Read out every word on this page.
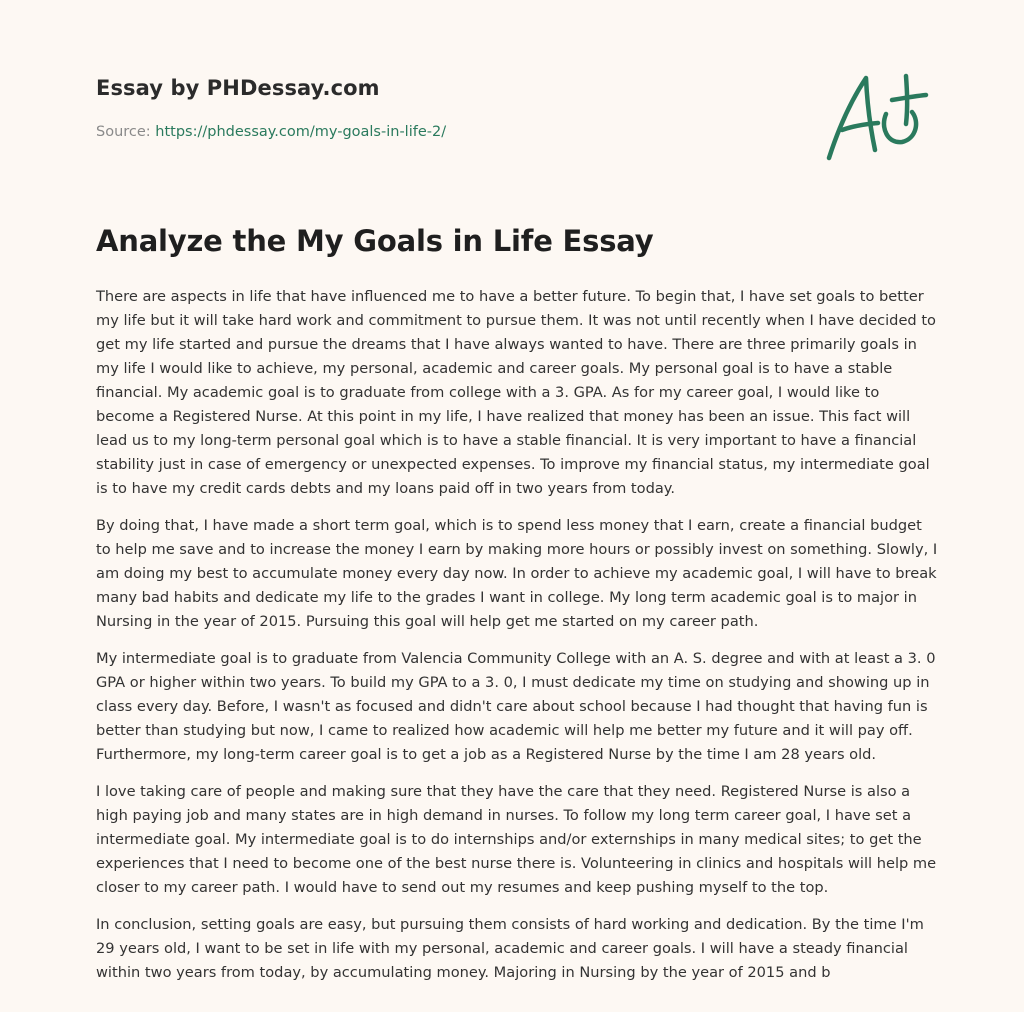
Essay by PHDessay.com

Source: https://phdessay.com/my-goals-in-life-2/

Analyze the My Goals in Life Essay

There are aspects in life that have influenced me to have a better future. To begin that, I have set goals to better my life but it will take hard work and commitment to pursue them. It was not until recently when I have decided to get my life started and pursue the dreams that I have always wanted to have. There are three primarily goals in my life I would like to achieve, my personal, academic and career goals. My personal goal is to have a stable financial. My academic goal is to graduate from college with a 3. GPA. As for my career goal, I would like to become a Registered Nurse. At this point in my life, I have realized that money has been an issue. This fact will lead us to my long-term personal goal which is to have a stable financial. It is very important to have a financial stability just in case of emergency or unexpected expenses. To improve my financial status, my intermediate goal is to have my credit cards debts and my loans paid off in two years from today.

By doing that, I have made a short term goal, which is to spend less money that I earn, create a financial budget to help me save and to increase the money I earn by making more hours or possibly invest on something. Slowly, I am doing my best to accumulate money every day now. In order to achieve my academic goal, I will have to break many bad habits and dedicate my life to the grades I want in college. My long term academic goal is to major in Nursing in the year of 2015. Pursuing this goal will help get me started on my career path.

My intermediate goal is to graduate from Valencia Community College with an A. S. degree and with at least a 3. 0 GPA or higher within two years. To build my GPA to a 3. 0, I must dedicate my time on studying and showing up in class every day. Before, I wasn't as focused and didn't care about school because I had thought that having fun is better than studying but now, I came to realized how academic will help me better my future and it will pay off. Furthermore, my long-term career goal is to get a job as a Registered Nurse by the time I am 28 years old.

I love taking care of people and making sure that they have the care that they need. Registered Nurse is also a high paying job and many states are in high demand in nurses. To follow my long term career goal, I have set a intermediate goal. My intermediate goal is to do internships and/or externships in many medical sites; to get the experiences that I need to become one of the best nurse there is. Volunteering in clinics and hospitals will help me closer to my career path. I would have to send out my resumes and keep pushing myself to the top.

In conclusion, setting goals are easy, but pursuing them consists of hard working and dedication. By the time I'm 29 years old, I want to be set in life with my personal, academic and career goals. I will have a steady financial within two years from today, by accumulating money. Majoring in Nursing by the year of 2015 and b
